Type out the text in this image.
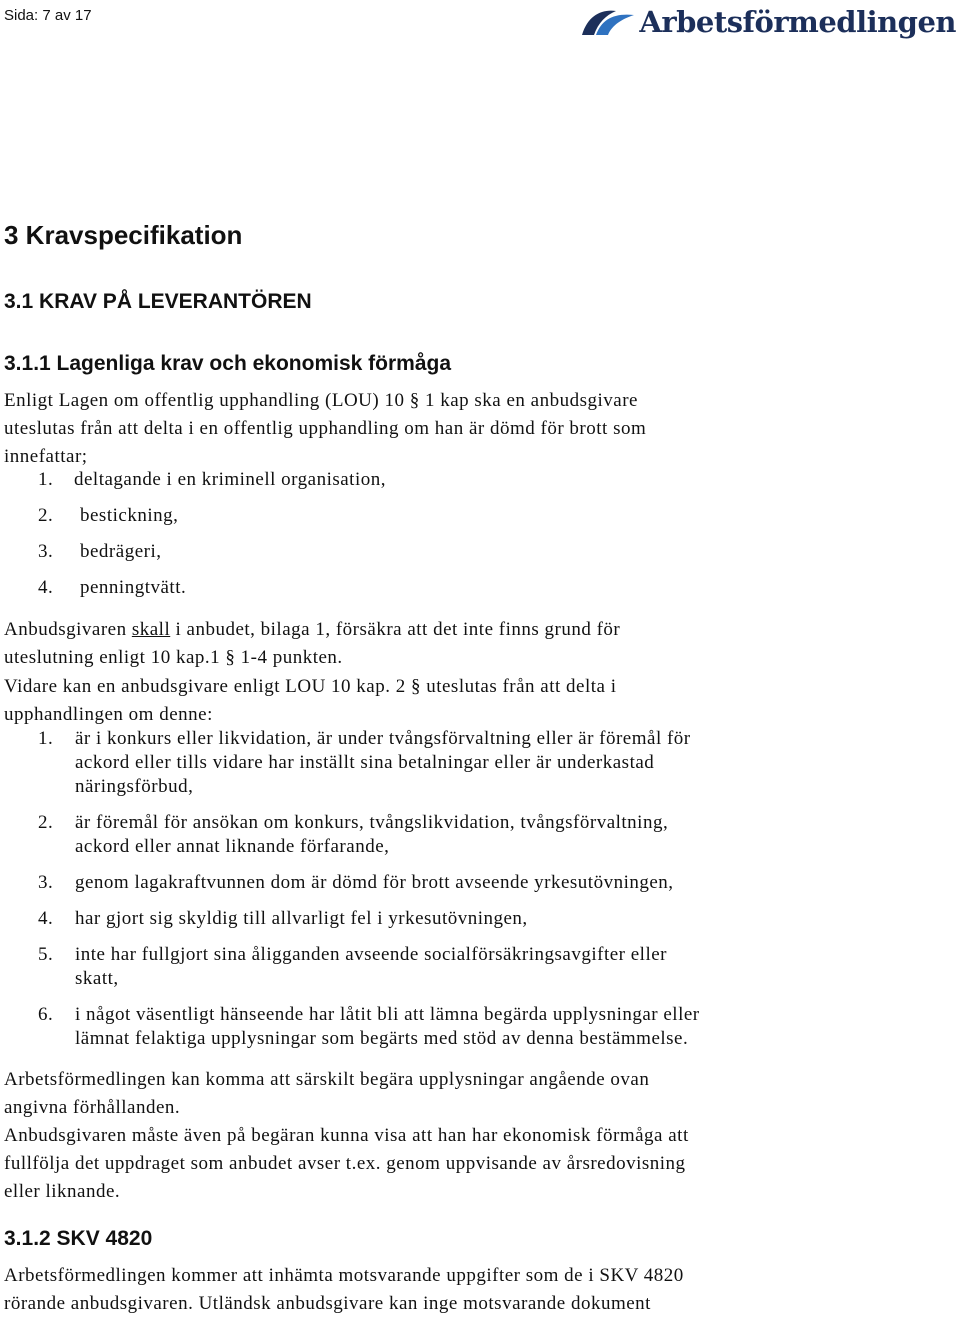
Sida: 7 av 17	Arbetsförmedlingen
3 Kravspecifikation
3.1 KRAV PÅ LEVERANTÖREN
3.1.1 Lagenliga krav och ekonomisk förmåga

Enligt Lagen om offentlig upphandling (LOU) 10 § 1 kap ska en anbudsgivare
uteslutas från att delta i en offentlig upphandling om han är dömd för brott som
innefattar;

1.	deltagande i en kriminell organisation,
2.	bestickning,
3.	bedrägeri,
4.	penningtvätt.

Anbudsgivaren skall i anbudet, bilaga 1, försäkra att det inte finns grund för
uteslutning enligt 10 kap.1 § 1-4 punkten.

Vidare kan en anbudsgivare enligt LOU 10 kap. 2 § uteslutas från att delta i
upphandlingen om denne:

1.	är i konkurs eller likvidation, är under tvångsförvaltning eller är föremål för
ackord eller tills vidare har inställt sina betalningar eller är underkastad
näringsförbud,
2.	är föremål för ansökan om konkurs, tvångslikvidation, tvångsförvaltning,
ackord eller annat liknande förfarande,
3.	genom lagakraftvunnen dom är dömd för brott avseende yrkesutövningen,
4.	har gjort sig skyldig till allvarligt fel i yrkesutövningen,
5.	inte har fullgjort sina åligganden avseende socialförsäkringsavgifter eller
skatt,
6.	i något väsentligt hänseende har låtit bli att lämna begärda upplysningar eller
lämnat felaktiga upplysningar som begärts med stöd av denna bestämmelse.

Arbetsförmedlingen kan komma att särskilt begära upplysningar angående ovan
angivna förhållanden.
Anbudsgivaren måste även på begäran kunna visa att han har ekonomisk förmåga att
fullfölja det uppdraget som anbudet avser t.ex. genom uppvisande av årsredovisning
eller liknande.

3.1.2 SKV 4820

Arbetsförmedlingen kommer att inhämta motsvarande uppgifter som de i SKV 4820
rörande anbudsgivaren. Utländsk anbudsgivare kan inge motsvarande dokument
